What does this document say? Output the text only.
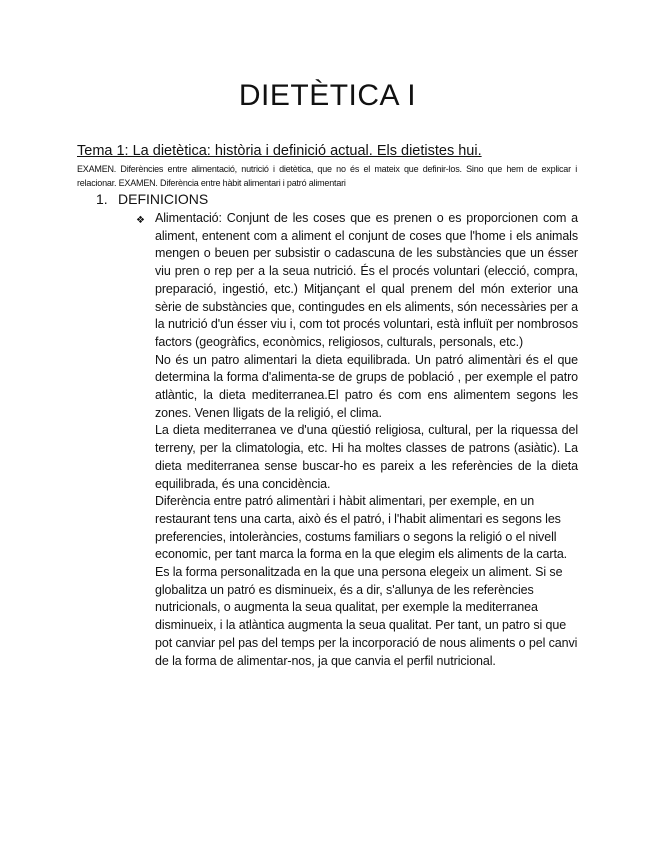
DIETÈTICA I
Tema 1: La dietètica: història i definició actual. Els dietistes hui.
EXAMEN. Diferències entre alimentació, nutrició i dietètica, que no és el mateix que definir-los. Sino que hem de explicar i relacionar. EXAMEN. Diferència entre hàbit alimentari i patró alimentari
1. DEFINICIONS
❖ Alimentació: Conjunt de les coses que es prenen o es proporcionen com a aliment, entenent com a aliment el conjunt de coses que l'home i els animals mengen o beuen per subsistir o cadascuna de les substàncies que un ésser viu pren o rep per a la seua nutrició. És el procés voluntari (elecció, compra, preparació, ingestió, etc.) Mitjançant el qual prenem del món exterior una sèrie de substàncies que, contingudes en els aliments, són necessàries per a la nutrició d'un ésser viu i, com tot procés voluntari, està influït per nombrosos factors (geogràfics, econòmics, religiosos, culturals, personals, etc.)

No és un patro alimentari la dieta equilibrada. Un patró alimentàri és el que determina la forma d'alimenta-se de grups de població , per exemple el patro atlàntic, la dieta mediterranea.El patro és com ens alimentem segons les zones. Venen lligats de la religió, el clima.

La dieta mediterranea ve d'una qüestió religiosa, cultural, per la riquessa del terreny, per la climatologia, etc. Hi ha moltes classes de patrons (asiàtic). La dieta mediterranea sense buscar-ho es pareix a les referències de la dieta equilibrada, és una concidència.

Diferència entre patró alimentàri i hàbit alimentari, per exemple, en un restaurant tens una carta, això és el patró, i l'habit alimentari es segons les preferencies, intoleràncies, costums familiars o segons la religió o el nivell economic, per tant marca la forma en la que elegim els aliments de la carta. Es la forma personalitzada en la que una persona elegeix un aliment. Si se globalitza un patró es disminueix, és a dir, s'allunya de les referències nutricionals, o augmenta la seua qualitat, per exemple la mediterranea disminueix, i la atlàntica augmenta la seua qualitat. Per tant, un patro si que pot canviar pel pas del temps per la incorporació de nous aliments o pel canvi de la forma de alimentar-nos, ja que canvia el perfil nutricional.
